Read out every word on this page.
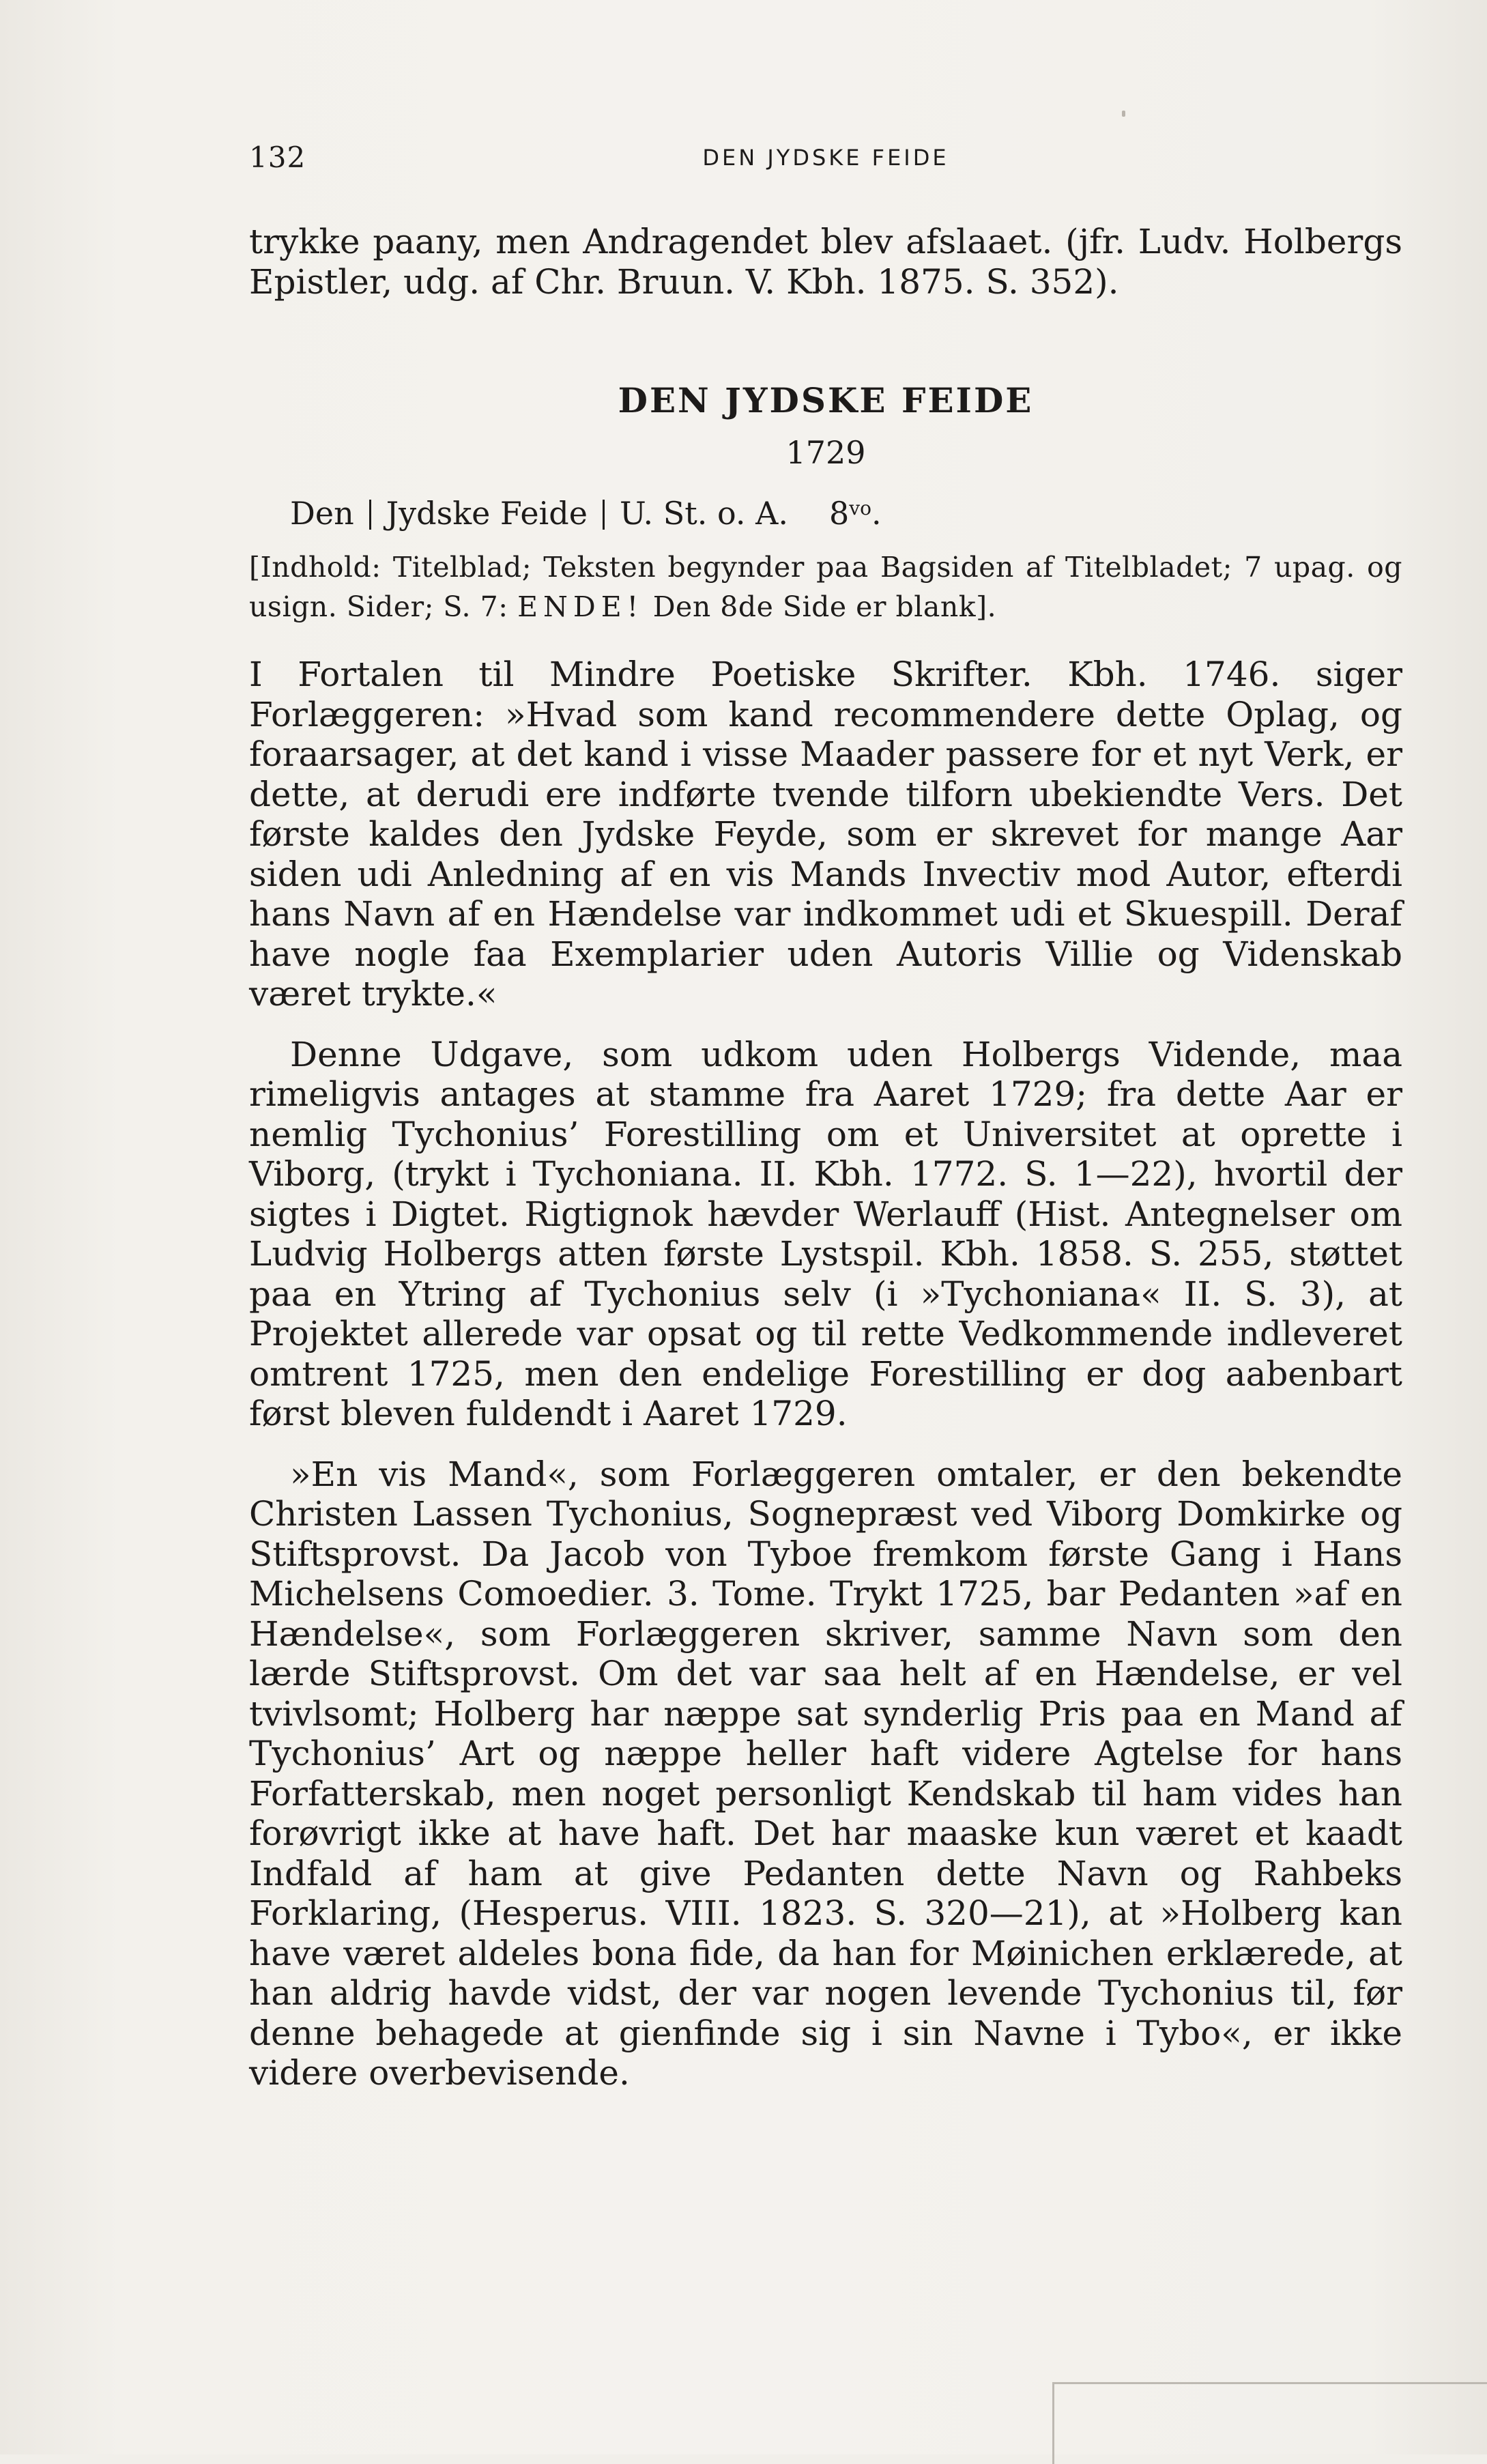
132	DEN JYDSKE FEIDE

trykke paany, men Andragendet blev afslaaet. (jfr. Ludv. Holbergs Epistler, udg. af Chr. Bruun. V. Kbh. 1875. S. 352).

DEN JYDSKE FEIDE
1729
Den Jydske Feide U. St. o. A. $8^{vo}$.

[Indhold: Titelblad; Teksten begynder paa Bagsiden af Titelbladet; 7 upag. og usign. Sider; S. 7: ENDE! Den 8de Side er blank].

I Fortalen til Mindre Poetiske Skrifter. Kbh. 1746. siger Forlæggeren: »Hvad som kand recommendere dette Oplag, og foraarsager, at det kand i visse Maader passere for et nyt Verk, er dette, at derudi ere indførte tvende tilforn ubekiendte Vers. Det første kaldes den Jydske Feyde, som er skrevet for mange Aar siden udi Anledning af en vis Mands Invectiv mod Autor, efterdi hans Navn af en Hændelse var indkommet udi et Skuespill. Deraf have nogle faa Exemplarier uden Autoris Villie og Videnskab været trykte.«

Denne Udgave, som udkom uden Holbergs Vidende, maa rimeligvis antages at stamme fra Aaret 1729; fra dette Aar er nemlig Tychonius’ Forestilling om et Universitet at oprette i Viborg, (trykt i Tychoniana. II. Kbh. 1772. S. 1—22), hvortil der sigtes i Digtet. Rigtignok hævder Werlauff (Hist. Antegnelser om Ludvig Holbergs atten første Lystspil. Kbh. 1858. S. 255, støttet paa en Ytring af Tychonius selv (i »Tychoniana« II. S. 3), at Projektet allerede var opsat og til rette Vedkommende indleveret omtrent 1725, men den endelige Forestilling er dog aabenbart først bleven fuldendt i Aaret 1729.

»En vis Mand«, som Forlæggeren omtaler, er den bekendte Christen Lassen Tychonius, Sognepræst ved Viborg Domkirke og Stiftsprovst. Da Jacob von Tyboe fremkom første Gang i Hans Michelsens Comoedier. 3. Tome. Trykt 1725, bar Pedanten »af en Hændelse«, som Forlæggeren skriver, samme Navn som den lærde Stiftsprovst. Om det var saa helt af en Hændelse, er vel tvivlsomt; Holberg har næppe sat synderlig Pris paa en Mand af Tychonius’ Art og næppe heller haft videre Agtelse for hans Forfatterskab, men noget personligt Kendskab til ham vides han forøvrigt ikke at have haft. Det har maaske kun været et kaadt Indfald af ham at give Pedanten dette Navn og Rahbeks Forklaring, (Hesperus. VIII. 1823. S. 320—21), at »Holberg kan have været aldeles bona fide, da han for Møinichen erklærede, at han aldrig havde vidst, der var nogen levende Tychonius til, før denne behagede at gienfinde sig i sin Navne i Tybo«, er ikke videre overbevisende.
